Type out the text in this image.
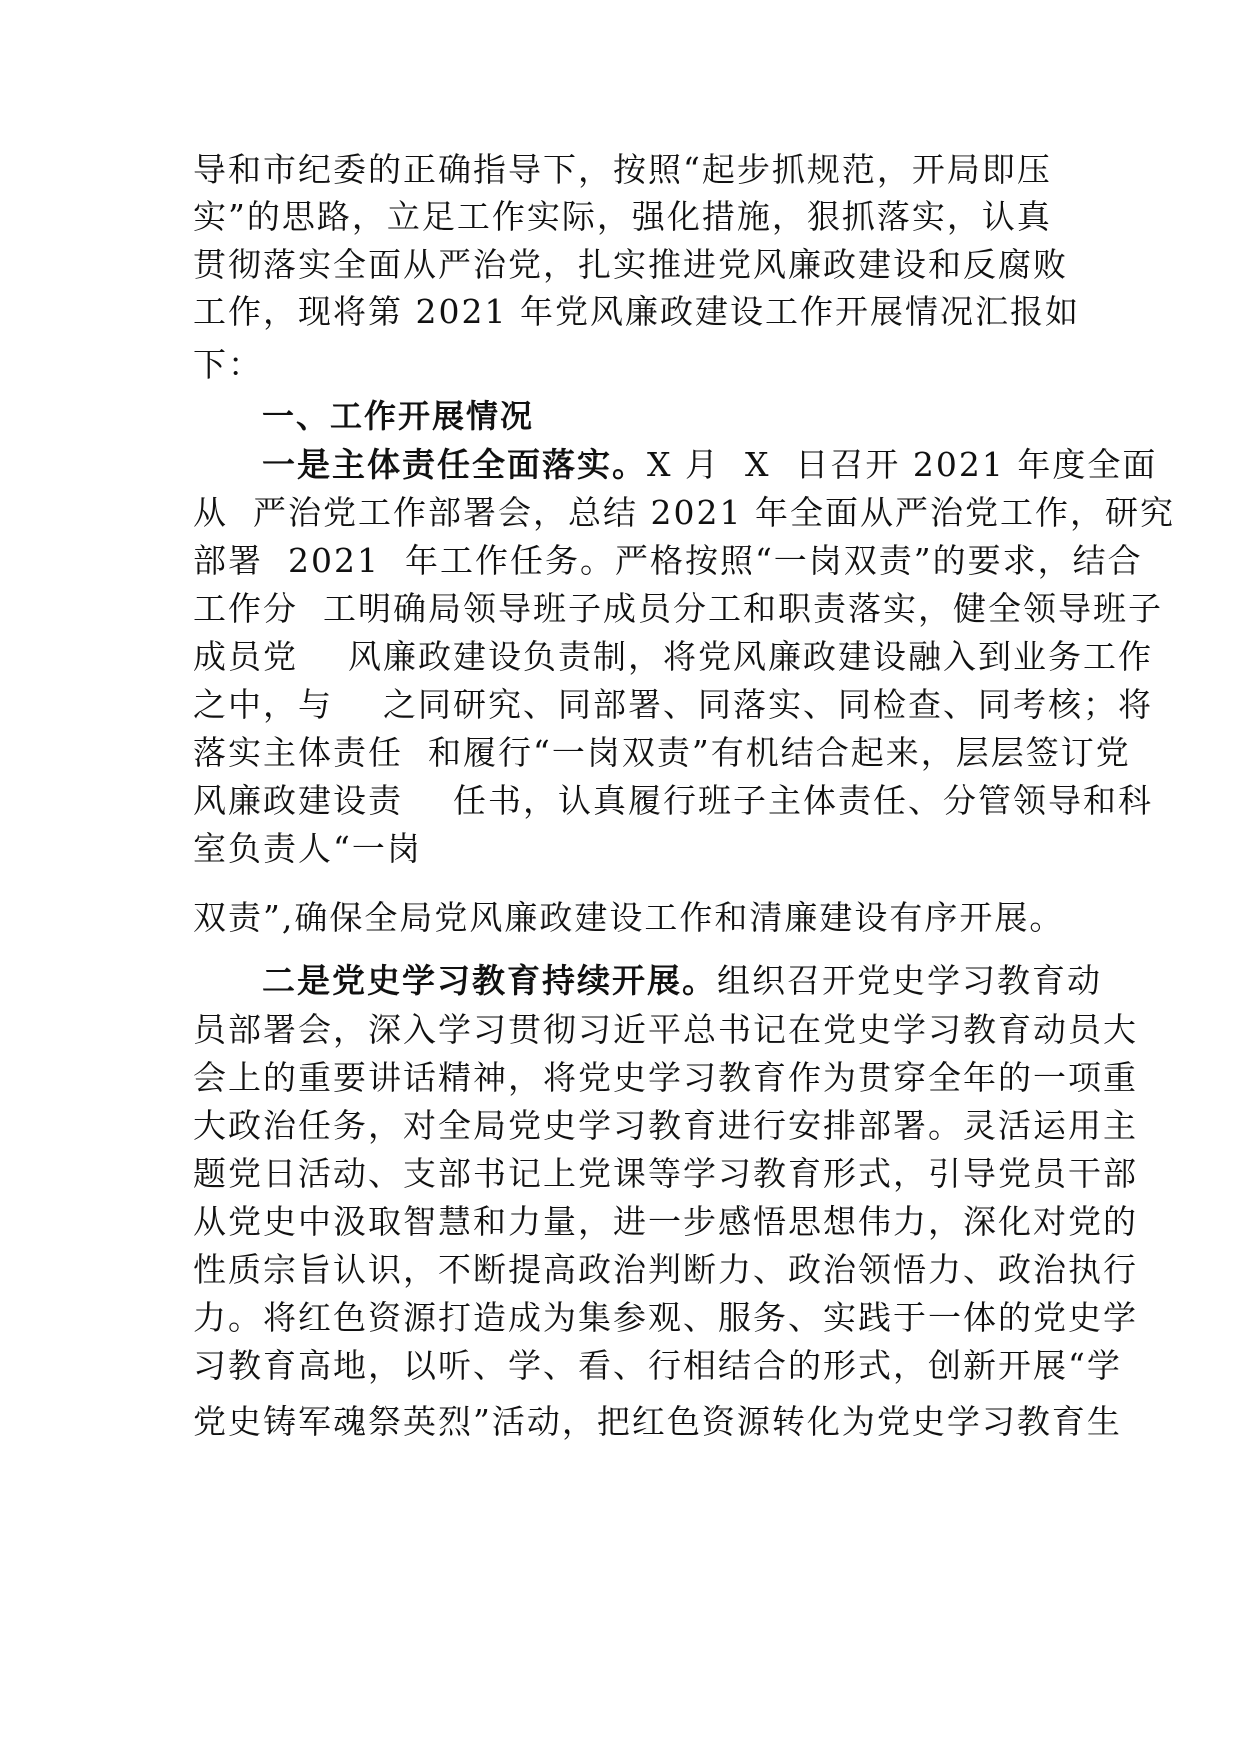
导和市纪委的正确指导下，按照“起步抓规范，开局即压
实”的思路，立足工作实际，强化措施，狠抓落实，认真
贯彻落实全面从严治党，扎实推进党风廉政建设和反腐败
工作，现将第 2021 年党风廉政建设工作开展情况汇报如
下：
一、工作开展情况
一是主体责任全面落实。X 月  X  日召开 2021 年度全面
从  严治党工作部署会，总结 2021 年全面从严治党工作，研究
部署  2021  年工作任务。严格按照“一岗双责”的要求，结合
工作分  工明确局领导班子成员分工和职责落实，健全领导班子
成员党    风廉政建设负责制，将党风廉政建设融入到业务工作
之中，与    之同研究、同部署、同落实、同检查、同考核；将
落实主体责任  和履行“一岗双责”有机结合起来，层层签订党
风廉政建设责    任书，认真履行班子主体责任、分管领导和科
室负责人“一岗
双责”,确保全局党风廉政建设工作和清廉建设有序开展。
二是党史学习教育持续开展。组织召开党史学习教育动
员部署会，深入学习贯彻习近平总书记在党史学习教育动员大
会上的重要讲话精神，将党史学习教育作为贯穿全年的一项重
大政治任务，对全局党史学习教育进行安排部署。灵活运用主
题党日活动、支部书记上党课等学习教育形式，引导党员干部
从党史中汲取智慧和力量，进一步感悟思想伟力，深化对党的
性质宗旨认识，不断提高政治判断力、政治领悟力、政治执行
力。将红色资源打造成为集参观、服务、实践于一体的党史学
习教育高地，以听、学、看、行相结合的形式，创新开展“学
党史铸军魂祭英烈”活动，把红色资源转化为党史学习教育生
